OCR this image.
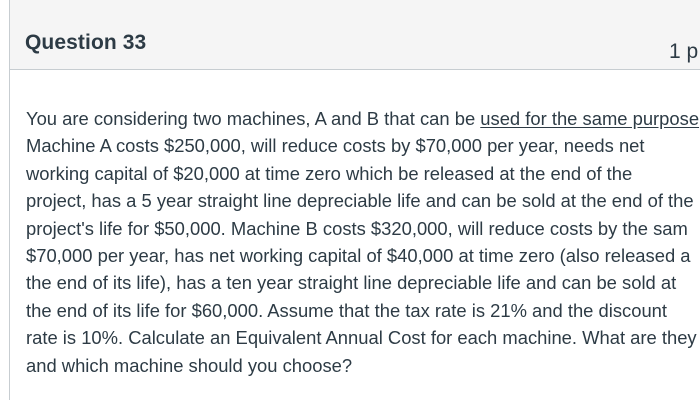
Question 33	1 p
You are considering two machines, A and B that can be used for the same purpose
Machine A costs $250,000, will reduce costs by $70,000 per year, needs net
working capital of $20,000 at time zero which be released at the end of the
project, has a 5 year straight line depreciable life and can be sold at the end of the
project's life for $50,000. Machine B costs $320,000, will reduce costs by the sam
$70,000 per year, has net working capital of $40,000 at time zero (also released a
the end of its life), has a ten year straight line depreciable life and can be sold at
the end of its life for $60,000. Assume that the tax rate is 21% and the discount
rate is 10%. Calculate an Equivalent Annual Cost for each machine. What are they
and which machine should you choose?
